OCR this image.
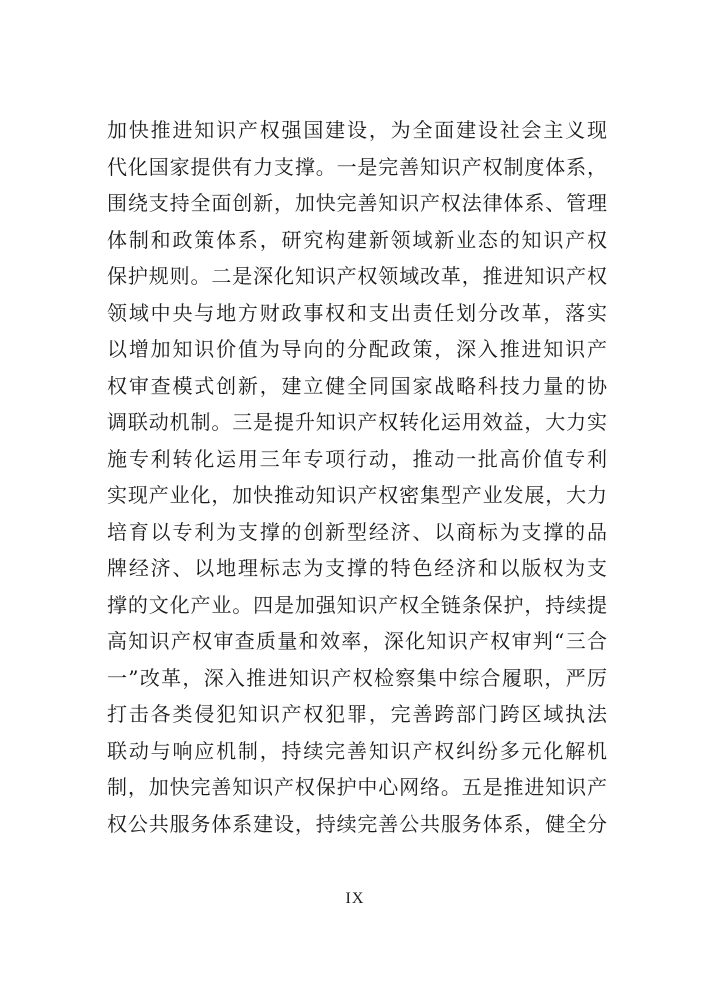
加快推进知识产权强国建设，为全面建设社会主义现
代化国家提供有力支撑。一是完善知识产权制度体系，
围绕支持全面创新，加快完善知识产权法律体系、管理
体制和政策体系，研究构建新领域新业态的知识产权
保护规则。二是深化知识产权领域改革，推进知识产权
领域中央与地方财政事权和支出责任划分改革，落实
以增加知识价值为导向的分配政策，深入推进知识产
权审查模式创新，建立健全同国家战略科技力量的协
调联动机制。三是提升知识产权转化运用效益，大力实
施专利转化运用三年专项行动，推动一批高价值专利
实现产业化，加快推动知识产权密集型产业发展，大力
培育以专利为支撑的创新型经济、以商标为支撑的品
牌经济、以地理标志为支撑的特色经济和以版权为支
撑的文化产业。四是加强知识产权全链条保护，持续提
高知识产权审查质量和效率，深化知识产权审判“三合
一”改革，深入推进知识产权检察集中综合履职，严厉
打击各类侵犯知识产权犯罪，完善跨部门跨区域执法
联动与响应机制，持续完善知识产权纠纷多元化解机
制，加快完善知识产权保护中心网络。五是推进知识产
权公共服务体系建设，持续完善公共服务体系，健全分
IX
